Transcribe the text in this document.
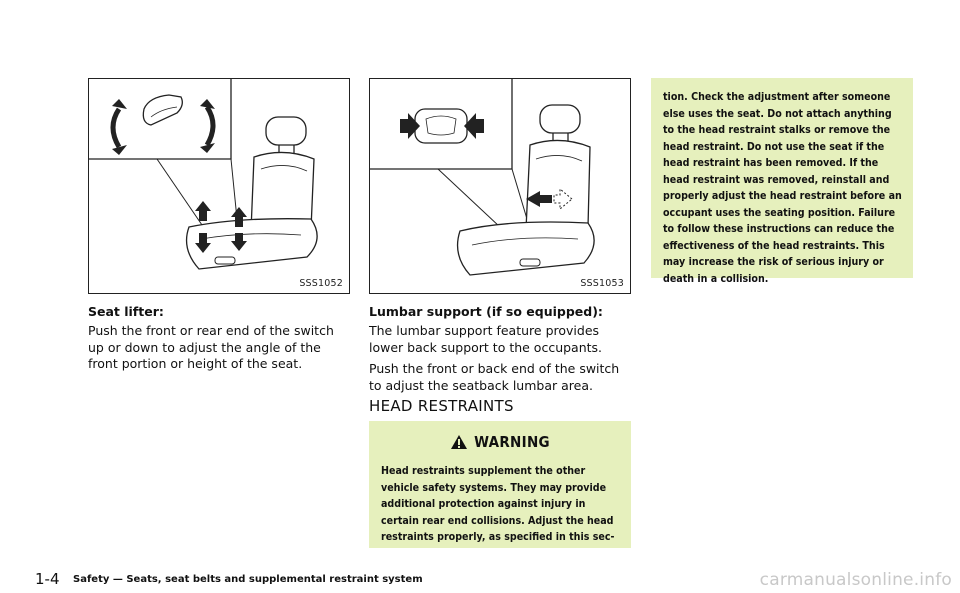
SSS1052	SSS1053
Seat lifter:

Push the front or rear end of the switch up or down to adjust the angle of the front portion or height of the seat.

Lumbar support (if so equipped):

The lumbar support feature provides lower back support to the occupants.

Push the front or back end of the switch to adjust the seatback lumbar area.

HEAD RESTRAINTS
WARNING

Head restraints supplement the other vehicle safety systems. They may provide additional protection against injury in certain rear end collisions. Adjust the head restraints properly, as specified in this sec-

tion. Check the adjustment after someone else uses the seat. Do not attach anything to the head restraint stalks or remove the head restraint. Do not use the seat if the head restraint has been removed. If the head restraint was removed, reinstall and properly adjust the head restraint before an occupant uses the seating position. Failure to follow these instructions can reduce the effectiveness of the head restraints. This may increase the risk of serious injury or death in a collision.

1-4 Safety — Seats, seat belts and supplemental restraint system	carmanualsonline.info
